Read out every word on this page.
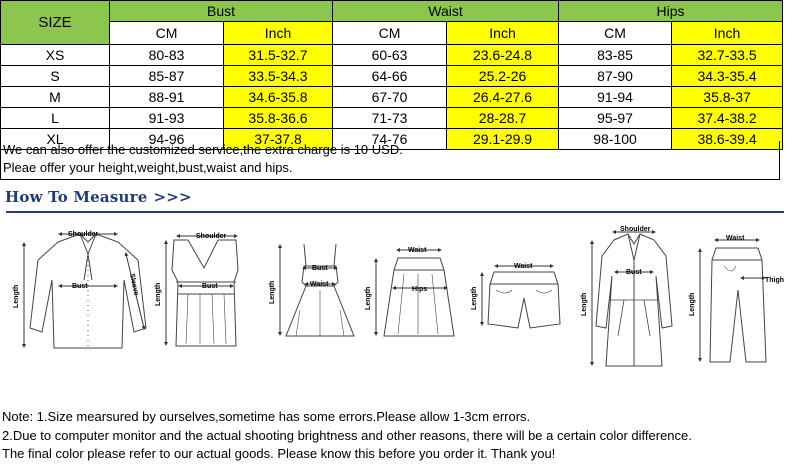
SIZE	Bust		Waist		Hips	
	CM	Inch	CM	Inch	CM	Inch
XS	80-83	31.5-32.7	60-63	23.6-24.8	83-85	32.7-33.5
S	85-87	33.5-34.3	64-66	25.2-26	87-90	34.3-35.4
M	88-91	34.6-35.8	67-70	26.4-27.6	91-94	35.8-37
L	91-93	35.8-36.6	71-73	28-28.7	95-97	37.4-38.2
XL	94-96	37-37.8	74-76	29.1-29.9	98-100	38.6-39.4
We can also offer the customized service,the extra charge is 10 USD.
Pleae offer your height,weight,bust,waist and hips.
How To Measure >>>
Shoulder
Bust
Length
Sleeve
Shoulder
Bust
Length
Bust
Waist
Length
Waist
Hips
Length
Waist
Length
Shoulder
Bust
Length
Waist
Thigh
Length
Note: 1.Size mearsured by ourselves,sometime has some errors.Please allow 1-3cm errors.
2.Due to computer monitor and the actual shooting brightness and other reasons, there will be a certain color difference.
The final color please refer to our actual goods. Please know this before you order it. Thank you!
